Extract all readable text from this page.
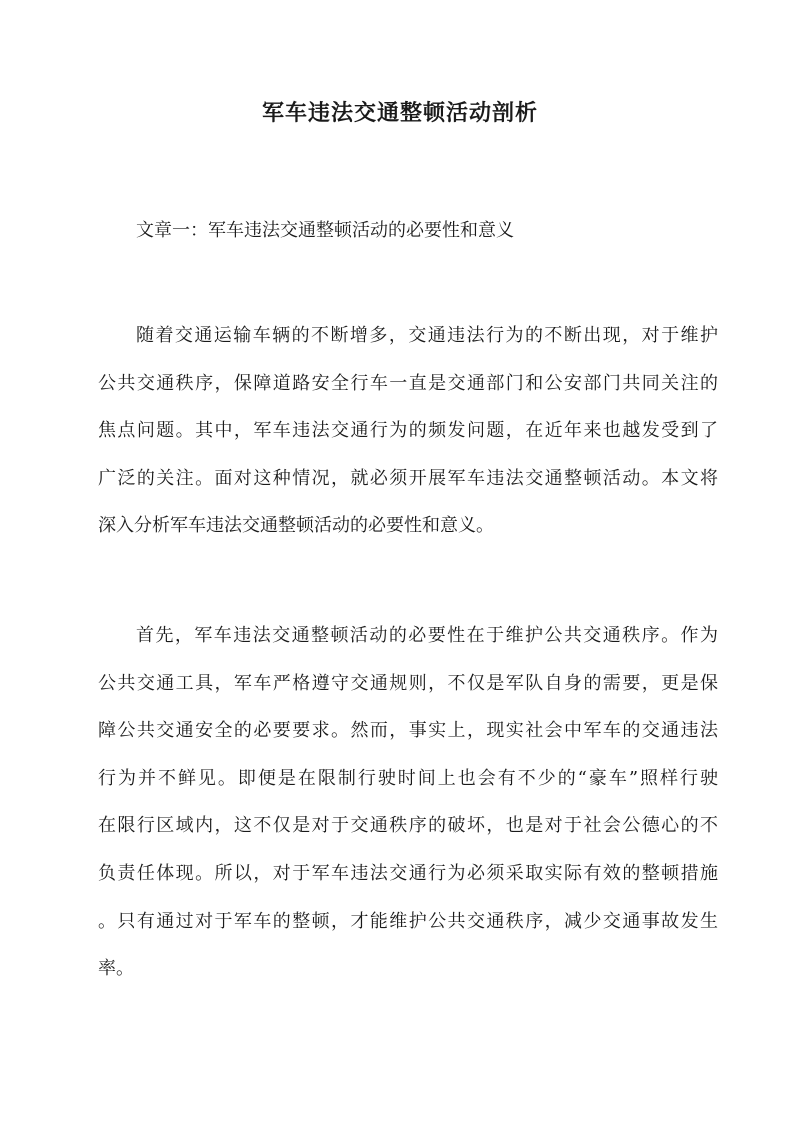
军车违法交通整顿活动剖析

文章一：军车违法交通整顿活动的必要性和意义

随着交通运输车辆的不断增多，交通违法行为的不断出现，对于维护
公共交通秩序，保障道路安全行车一直是交通部门和公安部门共同关注的
焦点问题。其中，军车违法交通行为的频发问题，在近年来也越发受到了
广泛的关注。面对这种情况，就必须开展军车违法交通整顿活动。本文将
深入分析军车违法交通整顿活动的必要性和意义。
首先，军车违法交通整顿活动的必要性在于维护公共交通秩序。作为
公共交通工具，军车严格遵守交通规则，不仅是军队自身的需要，更是保
障公共交通安全的必要要求。然而，事实上，现实社会中军车的交通违法
行为并不鲜见。即便是在限制行驶时间上也会有不少的“豪车”照样行驶
在限行区域内，这不仅是对于交通秩序的破坏，也是对于社会公德心的不
负责任体现。所以，对于军车违法交通行为必须采取实际有效的整顿措施
。只有通过对于军车的整顿，才能维护公共交通秩序，减少交通事故发生
率。
